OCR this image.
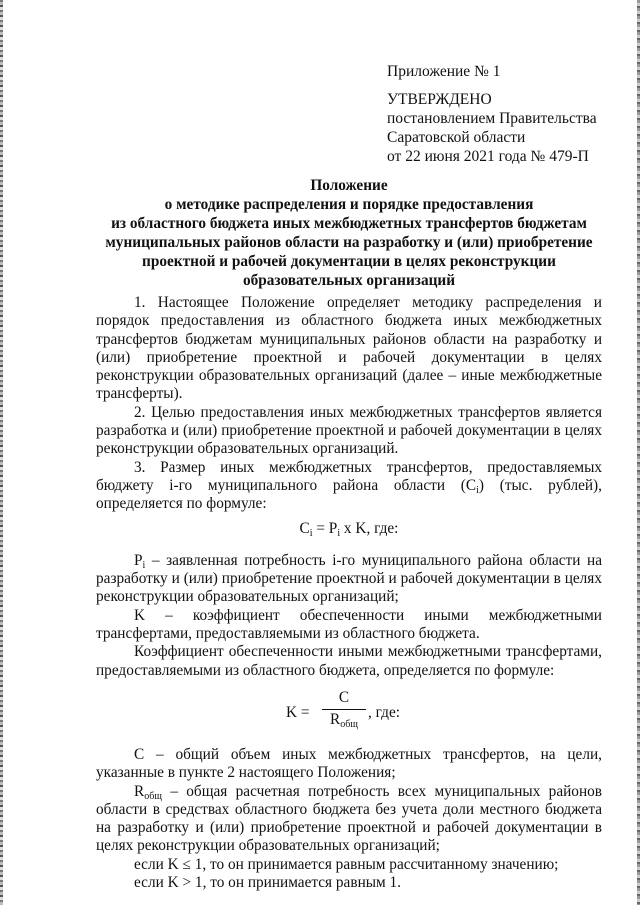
Приложение № 1
УТВЕРЖДЕНО
постановлением Правительства
Саратовской области
от 22 июня 2021 года № 479-П
Положение
о методике распределения и порядке предоставления
из областного бюджета иных межбюджетных трансфертов бюджетам
муниципальных районов области на разработку и (или) приобретение
проектной и рабочей документации в целях реконструкции
образовательных организаций

1. Настоящее Положение определяет методику распределения и порядок предоставления из областного бюджета иных межбюджетных трансфертов бюджетам муниципальных районов области на разработку и (или) приобретение проектной и рабочей документации в целях реконструкции образовательных организаций (далее – иные межбюджетные трансферты).

2. Целью предоставления иных межбюджетных трансфертов является разработка и (или) приобретение проектной и рабочей документации в целях реконструкции образовательных организаций.

3. Размер иных межбюджетных трансфертов, предоставляемых бюджету i-го муниципального района области $(C_i)$ (тыс. рублей), определяется по формуле:

$C_i = P_i$ x K, где:

$P_i$ – заявленная потребность i-го муниципального района области на разработку и (или) приобретение проектной и рабочей документации в целях реконструкции образовательных организаций;

K – коэффициент обеспеченности иными межбюджетными трансфертами, предоставляемыми из областного бюджета.

Коэффициент обеспеченности иными межбюджетными трансфертами, предоставляемыми из областного бюджета, определяется по формуле:

K =
C
$R_{общ}$
, где:

C – общий объем иных межбюджетных трансфертов, на цели, указанные в пункте 2 настоящего Положения;

$R_{общ}$ – общая расчетная потребность всех муниципальных районов области в средствах областного бюджета без учета доли местного бюджета на разработку и (или) приобретение проектной и рабочей документации в целях реконструкции образовательных организаций;

если K ≤ 1, то он принимается равным рассчитанному значению;

если K > 1, то он принимается равным 1.
